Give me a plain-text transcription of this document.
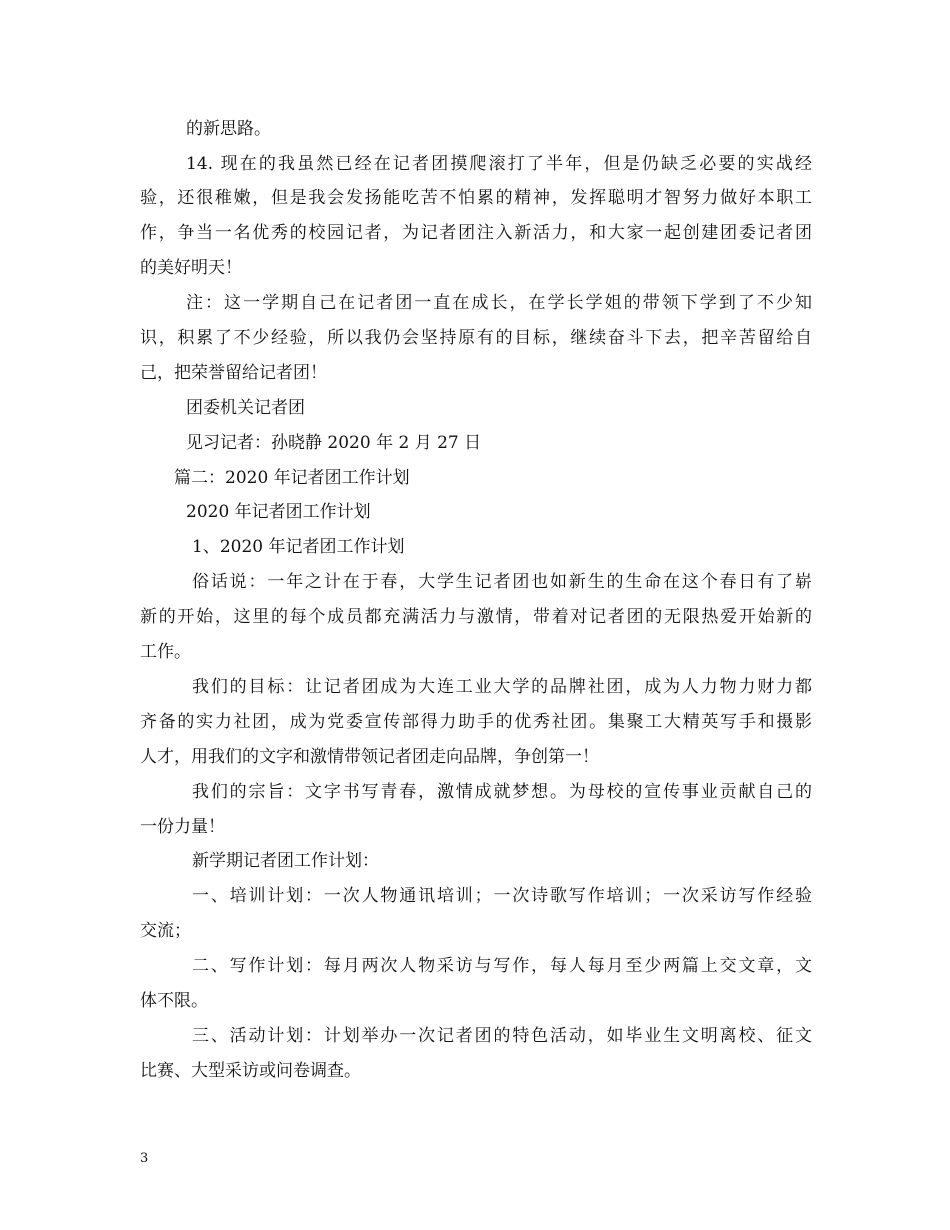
的新思路。
14. 现在的我虽然已经在记者团摸爬滚打了半年，但是仍缺乏必要的实战经
验，还很稚嫩，但是我会发扬能吃苦不怕累的精神，发挥聪明才智努力做好本职工
作，争当一名优秀的校园记者，为记者团注入新活力，和大家一起创建团委记者团
的美好明天！
注：这一学期自己在记者团一直在成长，在学长学姐的带领下学到了不少知
识，积累了不少经验，所以我仍会坚持原有的目标，继续奋斗下去，把辛苦留给自
己，把荣誉留给记者团！
团委机关记者团
见习记者：孙晓静 2020 年 2 月 27 日
篇二：2020 年记者团工作计划
2020 年记者团工作计划
1、2020 年记者团工作计划
俗话说：一年之计在于春，大学生记者团也如新生的生命在这个春日有了崭
新的开始，这里的每个成员都充满活力与激情，带着对记者团的无限热爱开始新的
工作。
我们的目标：让记者团成为大连工业大学的品牌社团，成为人力物力财力都
齐备的实力社团，成为党委宣传部得力助手的优秀社团。集聚工大精英写手和摄影
人才，用我们的文字和激情带领记者团走向品牌，争创第一！
我们的宗旨：文字书写青春，激情成就梦想。为母校的宣传事业贡献自己的
一份力量！
新学期记者团工作计划：
一、培训计划：一次人物通讯培训；一次诗歌写作培训；一次采访写作经验
交流；
二、写作计划：每月两次人物采访与写作，每人每月至少两篇上交文章，文
体不限。
三、活动计划：计划举办一次记者团的特色活动，如毕业生文明离校、征文
比赛、大型采访或问卷调查。
3
